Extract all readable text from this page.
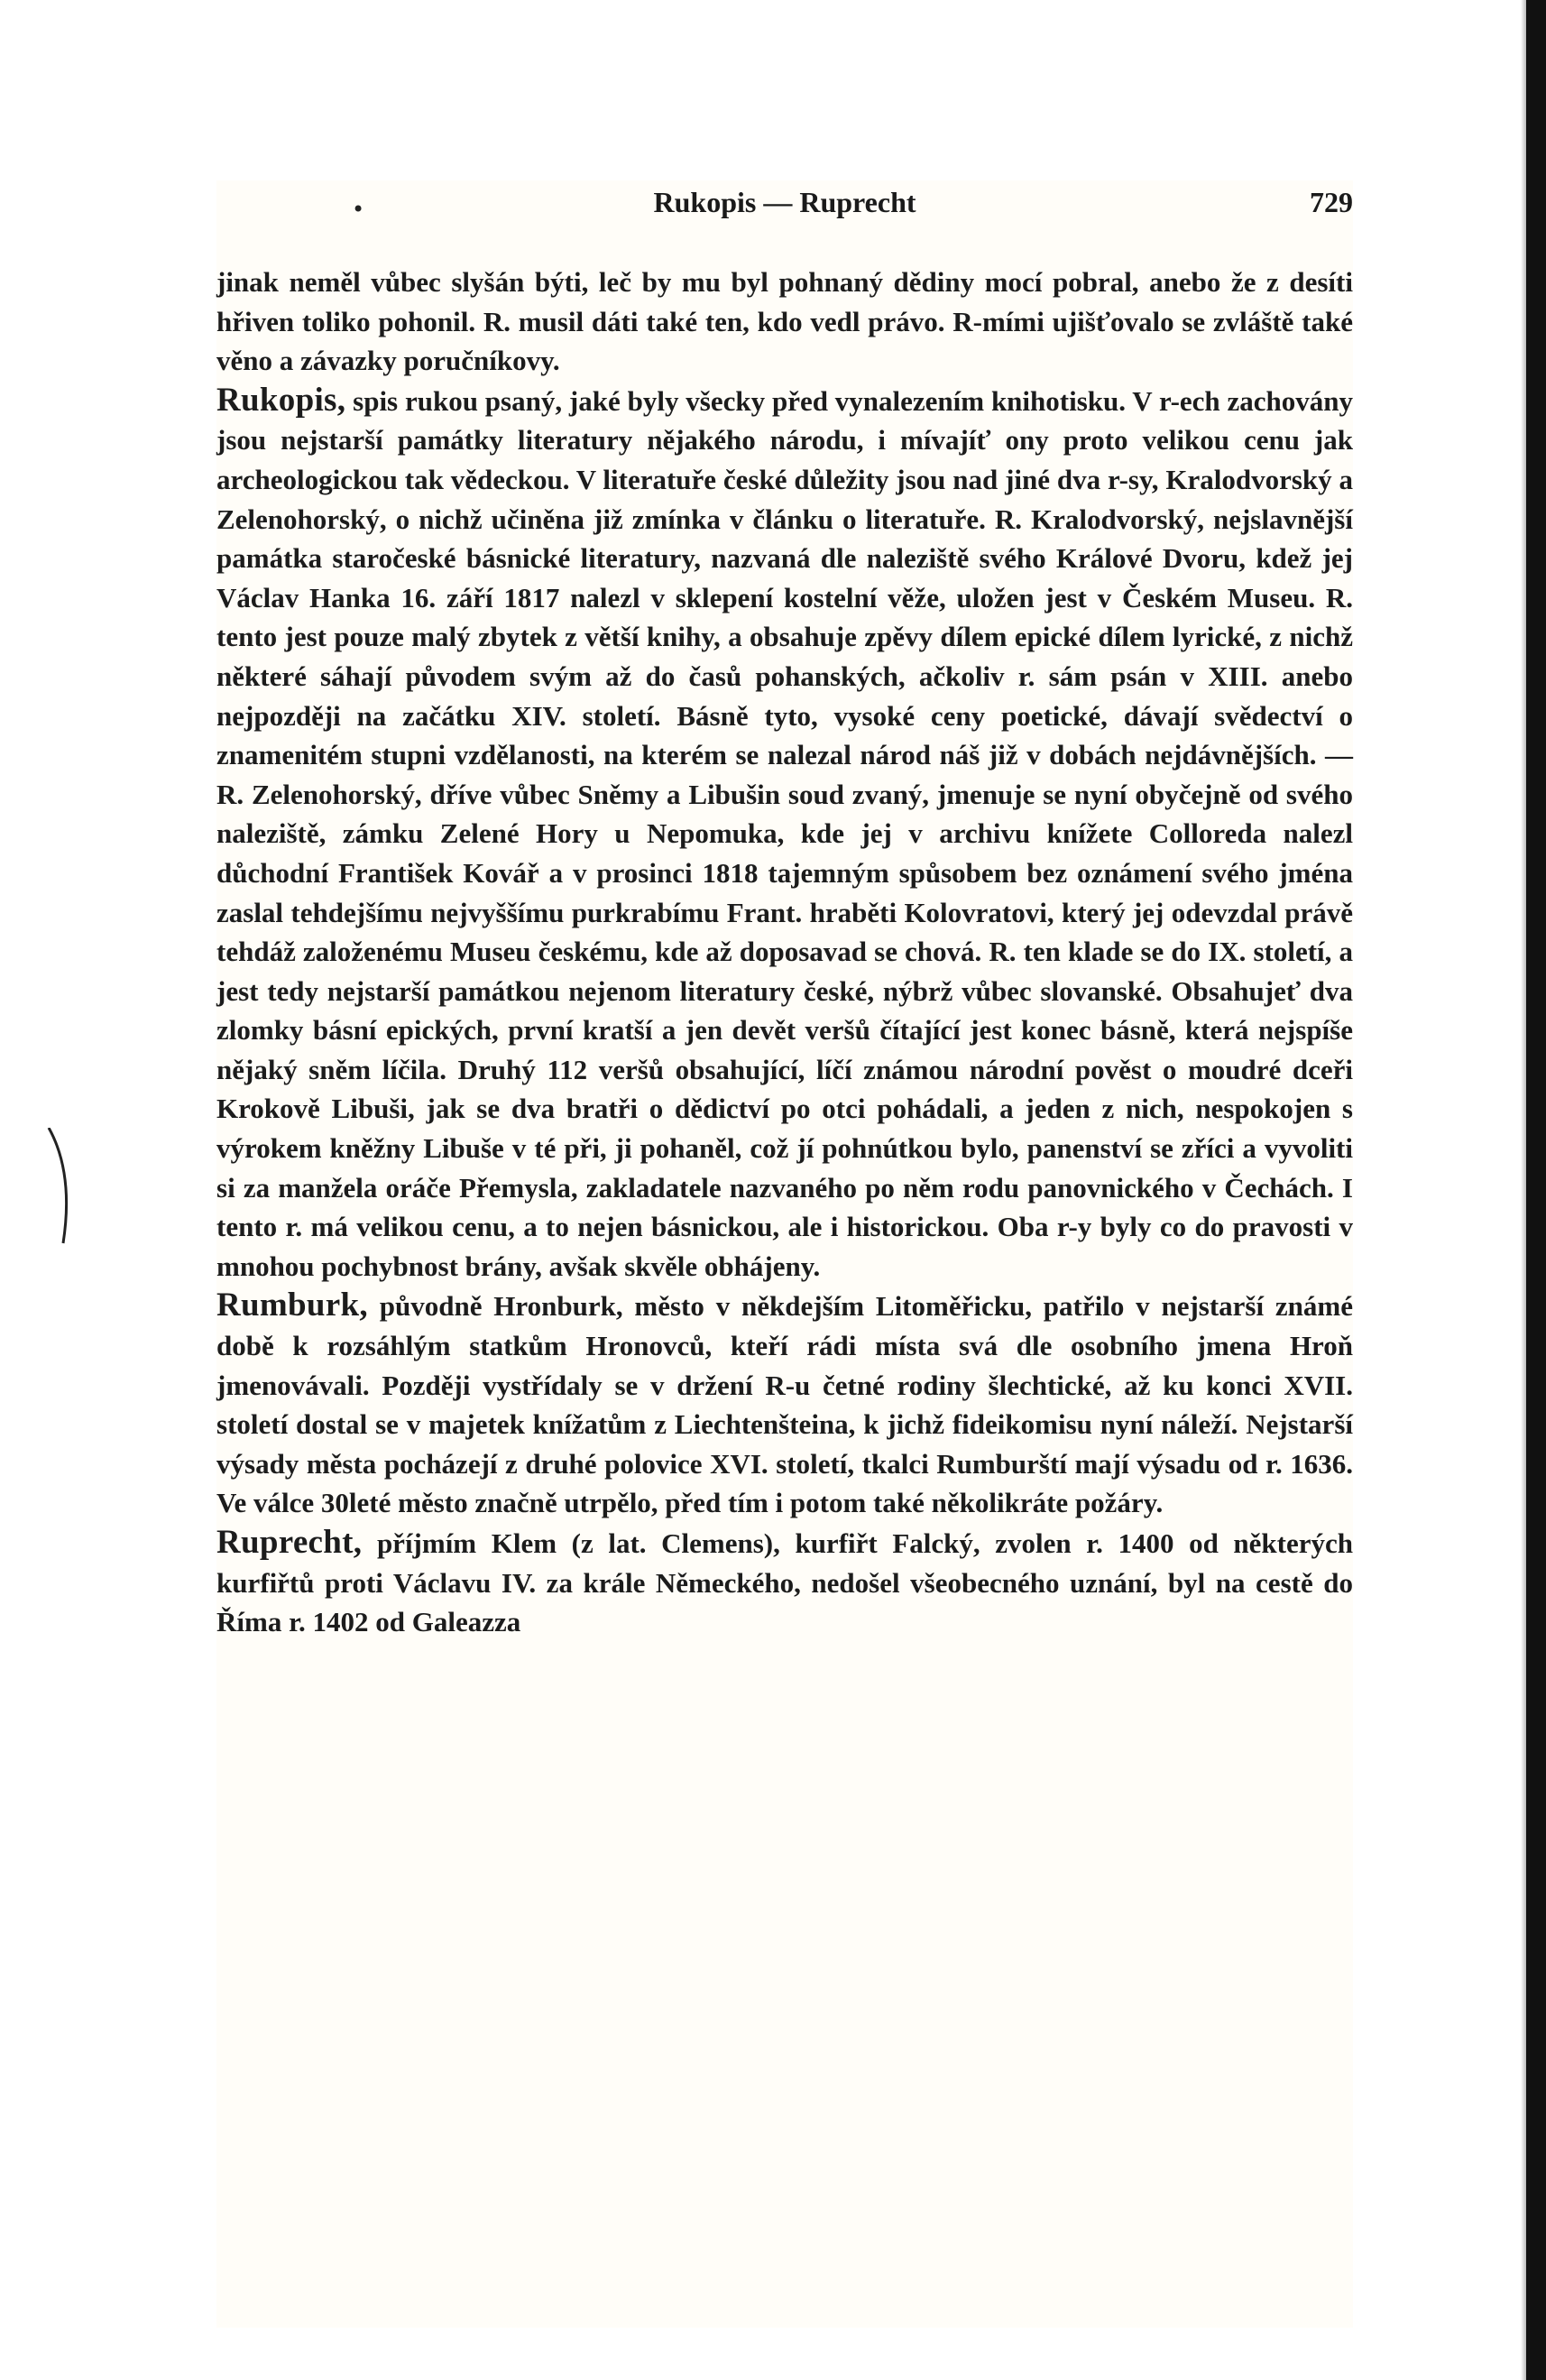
•	Rukopis — Ruprecht	729

jinak neměl vůbec slyšán býti, leč by mu byl pohnaný dědiny mocí pobral, anebo že z desíti hřiven toliko pohonil. R. musil dáti také ten, kdo vedl právo. R-mími ujišťovalo se zvláště také věno a závazky poručníkovy.

Rukopis, spis rukou psaný, jaké byly všecky před vynalezením knihotisku. V r-ech zachovány jsou nejstarší památky literatury nějakého národu, i mívajíť ony proto velikou cenu jak archeologickou tak vědeckou. V literatuře české důležity jsou nad jiné dva r-sy, Kralodvorský a Zelenohorský, o nichž učiněna již zmínka v článku o literatuře. R. Kralodvorský, nejslavnější památka staročeské básnické literatury, nazvaná dle naleziště svého Králové Dvoru, kdež jej Václav Hanka 16. září 1817 nalezl v sklepení kostelní věže, uložen jest v Českém Museu. R. tento jest pouze malý zbytek z větší knihy, a obsahuje zpěvy dílem epické dílem lyrické, z nichž některé sáhají původem svým až do časů pohanských, ačkoliv r. sám psán v XIII. anebo nejpozději na začátku XIV. století. Básně tyto, vysoké ceny poetické, dávají svědectví o znamenitém stupni vzdělanosti, na kterém se nalezal národ náš již v dobách nejdávnějších. — R. Zelenohorský, dříve vůbec Sněmy a Libušin soud zvaný, jmenuje se nyní obyčejně od svého naleziště, zámku Zelené Hory u Nepomuka, kde jej v archivu knížete Colloreda nalezl důchodní František Kovář a v prosinci 1818 tajemným spůsobem bez oznámení svého jména zaslal tehdejšímu nejvyššímu purkrabímu Frant. hraběti Kolovratovi, který jej odevzdal právě tehdáž založenému Museu českému, kde až doposavad se chová. R. ten klade se do IX. století, a jest tedy nejstarší památkou nejenom literatury české, nýbrž vůbec slovanské. Obsahujeť dva zlomky básní epických, první kratší a jen devět veršů čítající jest konec básně, která nejspíše nějaký sněm líčila. Druhý 112 veršů obsahující, líčí známou národní pověst o moudré dceři Krokově Libuši, jak se dva bratři o dědictví po otci pohádali, a jeden z nich, nespokojen s výrokem kněžny Libuše v té při, ji pohaněl, což jí pohnútkou bylo, panenství se zříci a vyvoliti si za manžela oráče Přemysla, zakladatele nazvaného po něm rodu panovnického v Čechách. I tento r. má velikou cenu, a to nejen básnickou, ale i historickou. Oba r-y byly co do pravosti v mnohou pochybnost brány, avšak skvěle obhájeny.

Rumburk, původně Hronburk, město v někdejším Litoměřicku, patřilo v nejstarší známé době k rozsáhlým statkům Hronovců, kteří rádi místa svá dle osobního jmena Hroň jmenovávali. Později vystřídaly se v držení R-u četné rodiny šlechtické, až ku konci XVII. století dostal se v majetek knížatům z Liechtenšteina, k jichž fideikomisu nyní náleží. Nejstarší výsady města pocházejí z druhé polovice XVI. století, tkalci Rumburští mají výsadu od r. 1636. Ve válce 30leté město značně utrpělo, před tím i potom také několikráte požáry.

Ruprecht, příjmím Klem (z lat. Clemens), kurfiřt Falcký, zvolen r. 1400 od některých kurfiřtů proti Václavu IV. za krále Německého, nedošel všeobecného uznání, byl na cestě do Říma r. 1402 od Galeazza
